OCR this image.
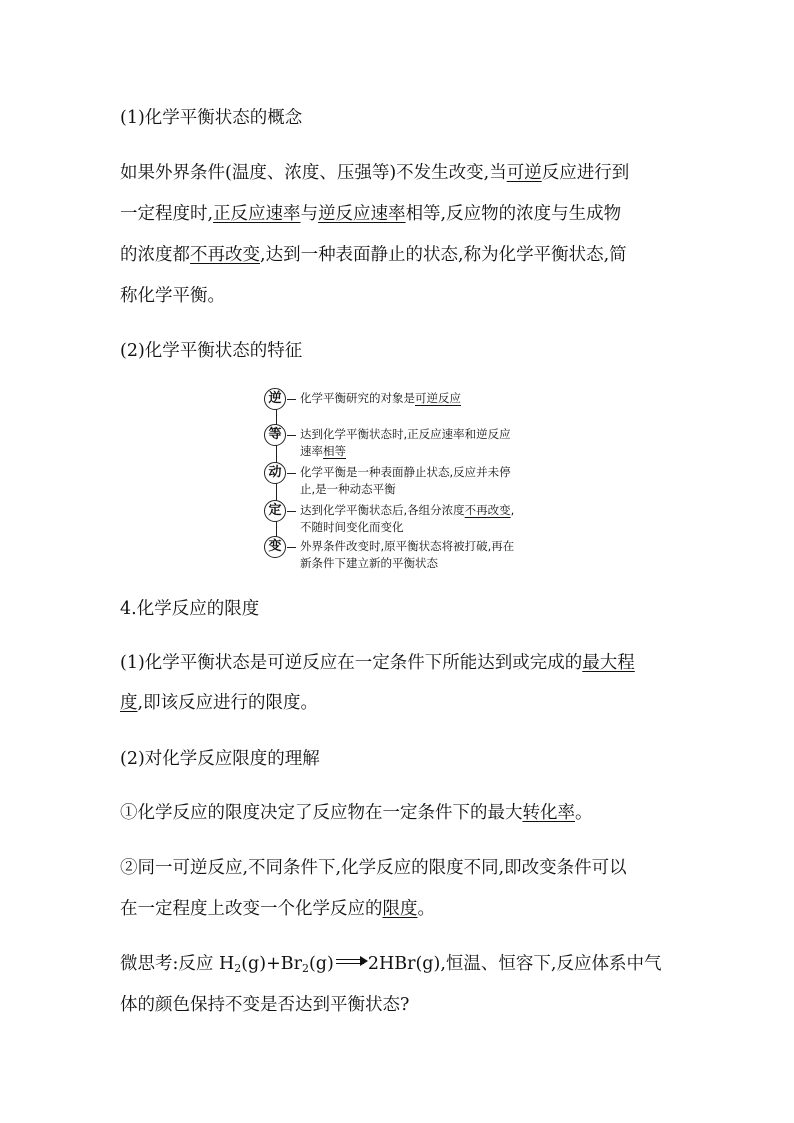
(1)化学平衡状态的概念
如果外界条件(温度、浓度、压强等)不发生改变,当可逆反应进行到
一定程度时,正反应速率与逆反应速率相等,反应物的浓度与生成物
的浓度都不再改变,达到一种表面静止的状态,称为化学平衡状态,简
称化学平衡。
(2)化学平衡状态的特征
逆	化学平衡研究的对象是可逆反应
等	达到化学平衡状态时,正反应速率和逆反应
速率相等
动	化学平衡是一种表面静止状态,反应并未停
止,是一种动态平衡
定	达到化学平衡状态后,各组分浓度不再改变,
不随时间变化而变化
变	外界条件改变时,原平衡状态将被打破,再在
新条件下建立新的平衡状态
4.化学反应的限度
(1)化学平衡状态是可逆反应在一定条件下所能达到或完成的最大程
度,即该反应进行的限度。
(2)对化学反应限度的理解
①化学反应的限度决定了反应物在一定条件下的最大转化率。
②同一可逆反应,不同条件下,化学反应的限度不同,即改变条件可以
在一定程度上改变一个化学反应的限度。
微思考:反应 $H_2(g)+Br_2(g)$ 2HBr(g),恒温、恒容下,反应体系中气
体的颜色保持不变是否达到平衡状态?
